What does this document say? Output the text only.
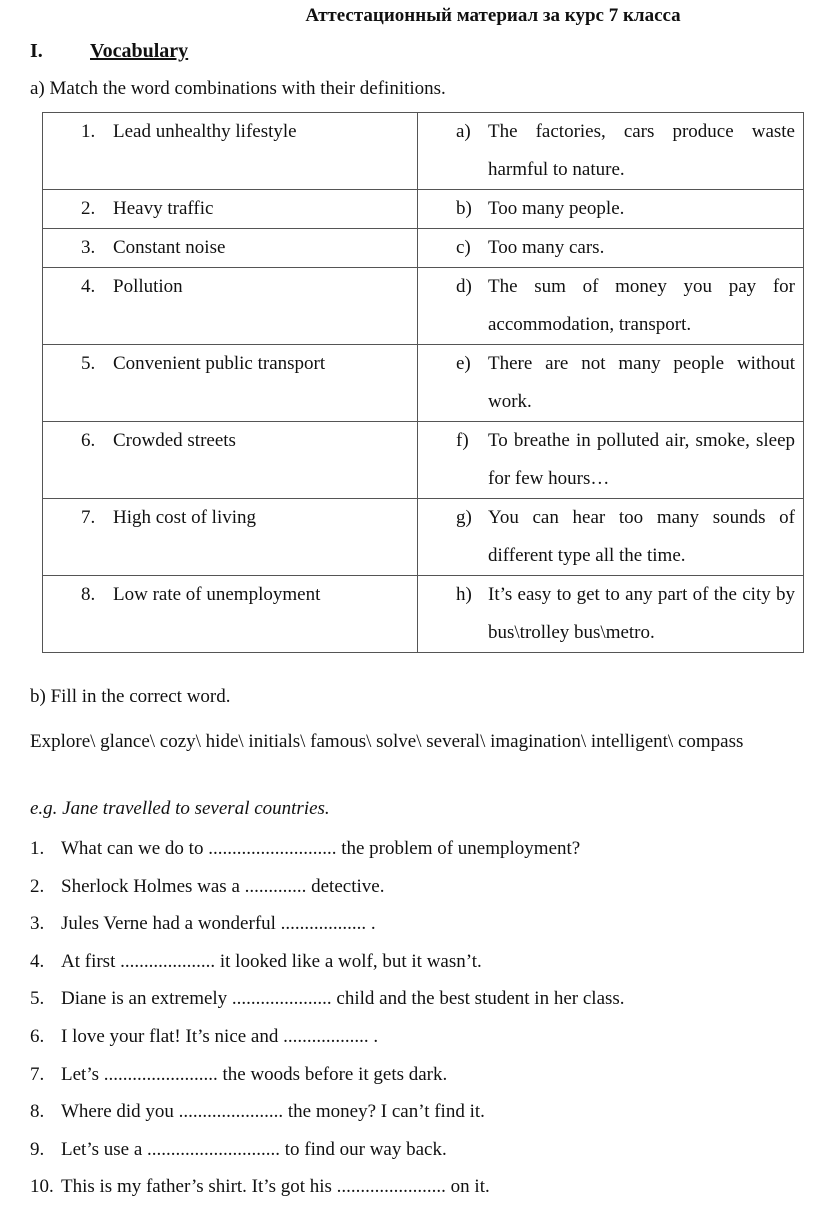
Аттестационный материал за курс 7 класса
I. Vocabulary
a) Match the word combinations with their definitions.
1. Lead unhealthy lifestyle	a) The factories, cars produce waste harmful to nature.

2. Heavy traffic	b) Too many people.

3. Constant noise	c) Too many cars.

4. Pollution	d) The sum of money you pay for accommodation, transport.

5. Convenient public transport	e) There are not many people without work.

6. Crowded streets	f) To breathe in polluted air, smoke, sleep for few hours…

7. High cost of living	g) You can hear too many sounds of different type all the time.

8. Low rate of unemployment	h) It’s easy to get to any part of the city by bus\trolley bus\metro.
b) Fill in the correct word.
Explore\ glance\ cozy\ hide\ initials\ famous\ solve\ several\ imagination\ intelligent\ compass
e.g. Jane travelled to several countries.
1. What can we do to ........................... the problem of unemployment?
2. Sherlock Holmes was a ............. detective.
3. Jules Verne had a wonderful .................. .
4. At first .................... it looked like a wolf, but it wasn’t.
5. Diane is an extremely ..................... child and the best student in her class.
6. I love your flat! It’s nice and .................. .
7. Let’s ........................ the woods before it gets dark.
8. Where did you ...................... the money? I can’t find it.
9. Let’s use a ............................ to find our way back.
10. This is my father’s shirt. It’s got his ....................... on it.
